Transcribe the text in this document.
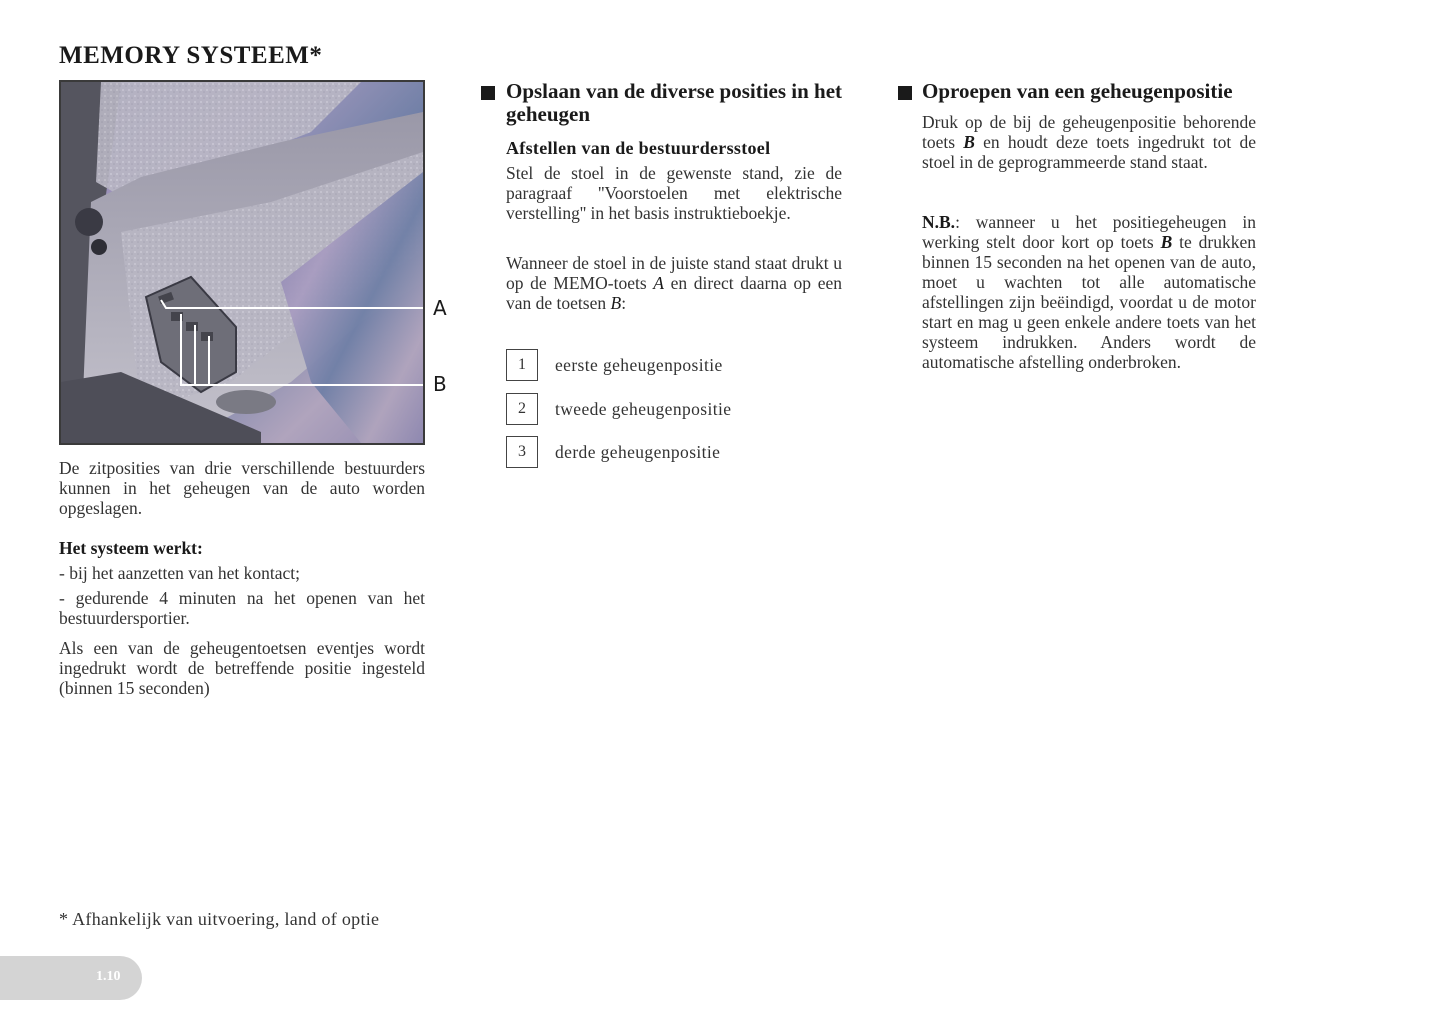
MEMORY SYSTEEM*
A
B
De zitposities van drie verschillende bestuurders kunnen in het geheugen van de auto worden opgeslagen.
Het systeem werkt:

- bij het aanzetten van het kontact;

- gedurende 4 minuten na het openen van het bestuurdersportier.

Als een van de geheugentoetsen eventjes wordt ingedrukt wordt de betreffende positie ingesteld (binnen 15 seconden)
Opslaan van de diverse posities in het geheugen
Afstellen van de bestuurdersstoel
Stel de stoel in de gewenste stand, zie de paragraaf ''Voorstoelen met elektrische verstelling'' in het basis instruktieboekje.
Wanneer de stoel in de juiste stand staat drukt u op de MEMO-toets A en direct daarna op een van de toetsen B:
1	eerste geheugenpositie
2	tweede geheugenpositie
3	derde geheugenpositie
Oproepen van een geheugenpositie
Druk op de bij de geheugenpositie behorende toets B en houdt deze toets ingedrukt tot de stoel in de geprogrammeerde stand staat.
N.B.: wanneer u het positiegeheugen in werking stelt door kort op toets B te drukken binnen 15 seconden na het openen van de auto, moet u wachten tot alle automatische afstellingen zijn beëindigd, voordat u de motor start en mag u geen enkele andere toets van het systeem indrukken. Anders wordt de automatische afstelling onderbroken.
* Afhankelijk van uitvoering, land of optie
1.10
